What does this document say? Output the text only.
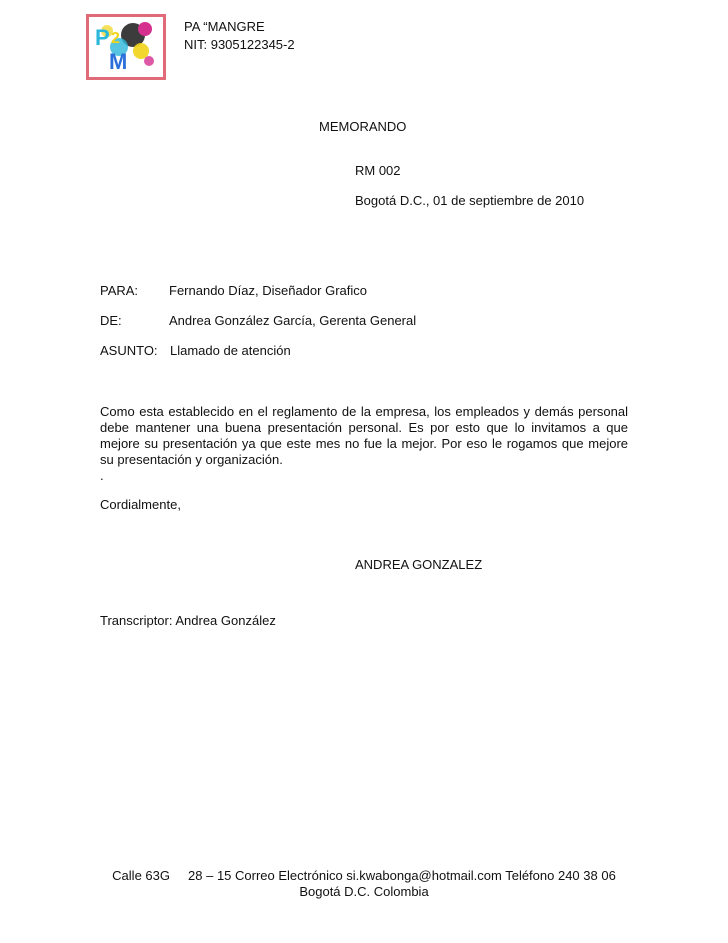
P 2
M
PA “MANGRE
NIT: 9305122345-2
MEMORANDO
RM 002
Bogotá D.C., 01 de septiembre de 2010
PARA: Fernando Díaz, Diseñador Grafico
DE:	Andrea González García, Gerenta General
ASUNTO: Llamado de atención
Como esta establecido en el reglamento de la empresa, los empleados y demás personal debe mantener una buena presentación personal. Es por esto que lo invitamos a que mejore su presentación ya que este mes no fue la mejor. Por eso le rogamos que mejore su presentación y organización.
.
Cordialmente,
ANDREA GONZALEZ
Transcriptor: Andrea González
Calle 63G     28 – 15 Correo Electrónico si.kwabonga@hotmail.com Teléfono 240 38 06
Bogotá D.C. Colombia
